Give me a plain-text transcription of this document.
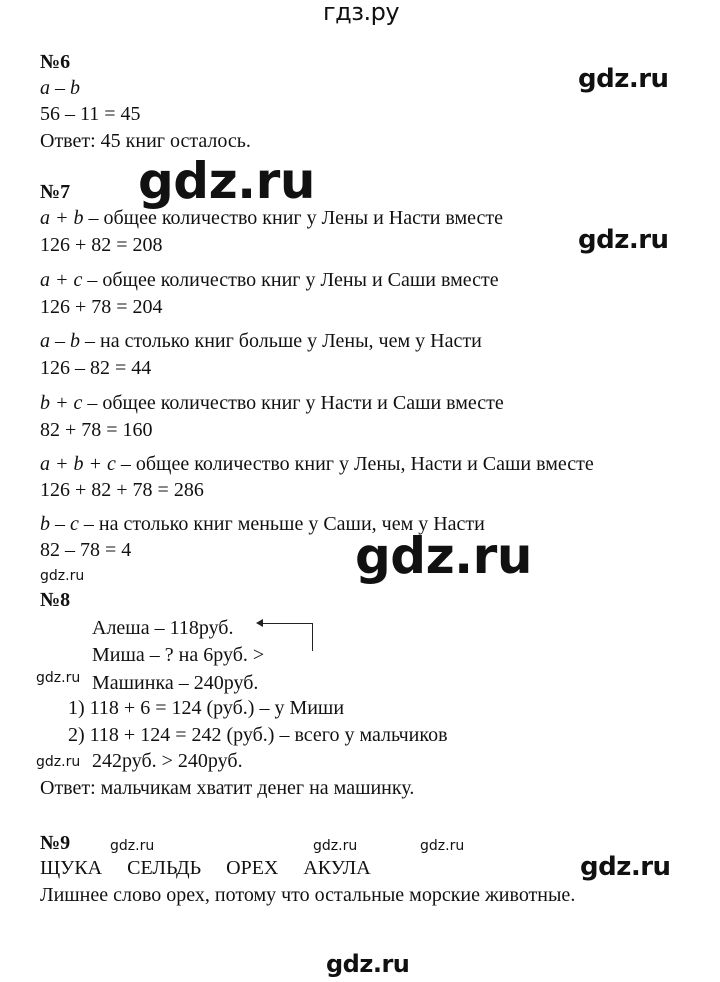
гдз.ру
№6
a – b
56 – 11 = 45
Ответ: 45 книг осталось.
gdz.ru
№7 gdz.ru
gdz.ru
a + b – общее количество книг у Лены и Насти вместе
126 + 82 = 208
a + c – общее количество книг у Лены и Саши вместе
126 + 78 = 204
a – b – на столько книг больше у Лены, чем у Насти
126 – 82 = 44
b + c – общее количество книг у Насти и Саши вместе
82 + 78 = 160
a + b + c – общее количество книг у Лены, Насти и Саши вместе
126 + 82 + 78 = 286
b – c – на столько книг меньше у Саши, чем у Насти
82 – 78 = 4	gdz.ru
gdz.ru
№8
Алеша – 118руб.
Миша – ? на 6руб. >
gdz.ru Машинка – 240руб.
1) 118 + 6 = 124 (руб.) – у Миши
2) 118 + 124 = 242 (руб.) – всего у мальчиков
gdz.ru 242руб. > 240руб.
Ответ: мальчикам хватит денег на машинку.
№9	gdz.ru	gdz.ru	gdz.ru
ЩУКА     СЕЛЬДЬ     ОРЕХ     АКУЛА	gdz.ru
Лишнее слово орех, потому что остальные морские животные.
gdz.ru
